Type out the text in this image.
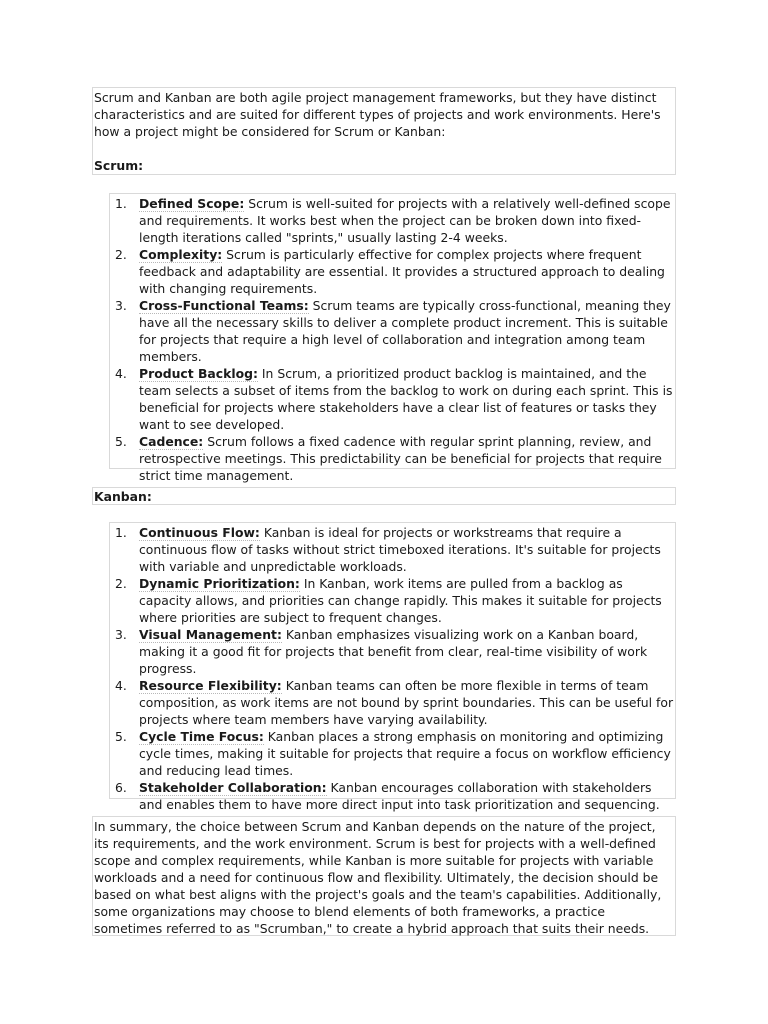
Scrum and Kanban are both agile project management frameworks, but they have distinct characteristics and are suited for different types of projects and work environments. Here's how a project might be considered for Scrum or Kanban:

Scrum:
1. Defined Scope: Scrum is well-suited for projects with a relatively well-defined scope and requirements. It works best when the project can be broken down into fixed-length iterations called "sprints," usually lasting 2-4 weeks.
2. Complexity: Scrum is particularly effective for complex projects where frequent feedback and adaptability are essential. It provides a structured approach to dealing with changing requirements.
3. Cross-Functional Teams: Scrum teams are typically cross-functional, meaning they have all the necessary skills to deliver a complete product increment. This is suitable for projects that require a high level of collaboration and integration among team members.
4. Product Backlog: In Scrum, a prioritized product backlog is maintained, and the team selects a subset of items from the backlog to work on during each sprint. This is beneficial for projects where stakeholders have a clear list of features or tasks they want to see developed.
5. Cadence: Scrum follows a fixed cadence with regular sprint planning, review, and retrospective meetings. This predictability can be beneficial for projects that require strict time management.
Kanban:
1. Continuous Flow: Kanban is ideal for projects or workstreams that require a continuous flow of tasks without strict timeboxed iterations. It's suitable for projects with variable and unpredictable workloads.
2. Dynamic Prioritization: In Kanban, work items are pulled from a backlog as capacity allows, and priorities can change rapidly. This makes it suitable for projects where priorities are subject to frequent changes.
3. Visual Management: Kanban emphasizes visualizing work on a Kanban board, making it a good fit for projects that benefit from clear, real-time visibility of work progress.
4. Resource Flexibility: Kanban teams can often be more flexible in terms of team composition, as work items are not bound by sprint boundaries. This can be useful for projects where team members have varying availability.
5. Cycle Time Focus: Kanban places a strong emphasis on monitoring and optimizing cycle times, making it suitable for projects that require a focus on workflow efficiency and reducing lead times.
6. Stakeholder Collaboration: Kanban encourages collaboration with stakeholders and enables them to have more direct input into task prioritization and sequencing.

In summary, the choice between Scrum and Kanban depends on the nature of the project, its requirements, and the work environment. Scrum is best for projects with a well-defined scope and complex requirements, while Kanban is more suitable for projects with variable workloads and a need for continuous flow and flexibility. Ultimately, the decision should be based on what best aligns with the project's goals and the team's capabilities. Additionally, some organizations may choose to blend elements of both frameworks, a practice sometimes referred to as "Scrumban," to create a hybrid approach that suits their needs.
